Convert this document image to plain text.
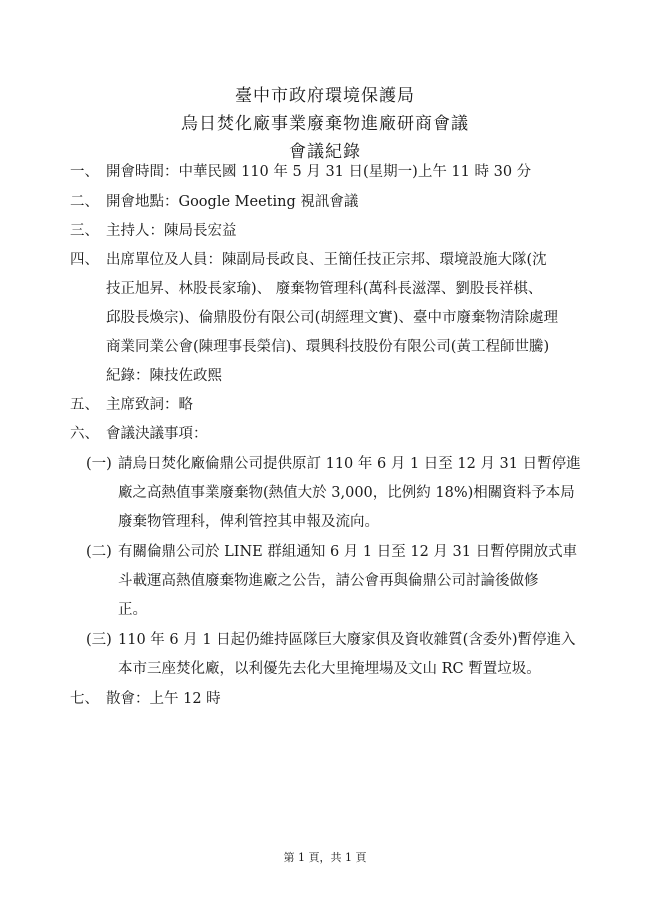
臺中市政府環境保護局
烏日焚化廠事業廢棄物進廠研商會議
會議紀錄
一、 開會時間：中華民國 110 年 5 月 31 日(星期一)上午 11 時 30 分
二、 開會地點：Google Meeting 視訊會議
三、 主持人：陳局長宏益
四、 出席單位及人員：陳副局長政良、王簡任技正宗邦、環境設施大隊(沈
技正旭昇、林股長家瑜)、 廢棄物管理科(萬科長滋澤、劉股長祥棋、
邱股長煥宗)、倫鼎股份有限公司(胡經理文實)、臺中市廢棄物清除處理
商業同業公會(陳理事長榮信)、環興科技股份有限公司(黃工程師世騰)
紀錄：陳技佐政熙
五、 主席致詞：略
六、 會議決議事項：
(一) 請烏日焚化廠倫鼎公司提供原訂 110 年 6 月 1 日至 12 月 31 日暫停進
廠之高熱值事業廢棄物(熱值大於 3,000，比例約 18%)相關資料予本局
廢棄物管理科，俾利管控其申報及流向。
(二) 有關倫鼎公司於 LINE 群組通知 6 月 1 日至 12 月 31 日暫停開放式車
斗載運高熱值廢棄物進廠之公告，請公會再與倫鼎公司討論後做修
正。
(三) 110 年 6 月 1 日起仍維持區隊巨大廢家俱及資收雜質(含委外)暫停進入
本市三座焚化廠，以利優先去化大里掩埋場及文山 RC 暫置垃圾。
七、 散會：上午 12 時
第 1 頁，共 1 頁
